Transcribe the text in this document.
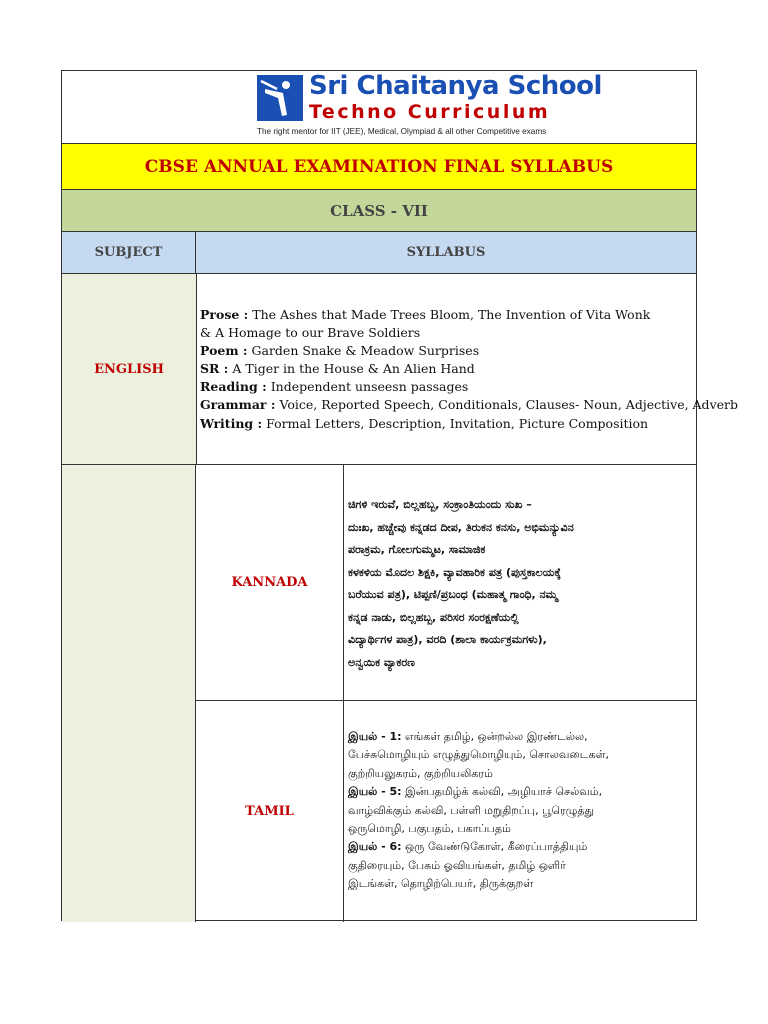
Sri Chaitanya School
Techno Curriculum
The right mentor for IIT (JEE), Medical, Olympiad & all other Competitive exams
CBSE ANNUAL EXAMINATION FINAL SYLLABUS
CLASS - VII
SUBJECT	SYLLABUS
ENGLISH
Prose : The Ashes that Made Trees Bloom, The Invention of Vita Wonk
& A Homage to our Brave Soldiers
Poem : Garden Snake & Meadow Surprises
SR : A Tiger in the House & An Alien Hand
Reading : Independent unseesn passages
Grammar : Voice, Reported Speech, Conditionals, Clauses- Noun, Adjective, Adverb
Writing : Formal Letters, Description, Invitation, Picture Composition
KANNADA
ಚಿಗಳಿ ಇರುವೆ, ಬಿಲ್ಲ‌ಹಬ್ಬ, ಸಂಕ್ರಾಂತಿಯಂದು ಸುಖ –
ದುಃಖ, ಹಚ್ಚೇವು ಕನ್ನಡದ ದೀಪ, ತಿರುಕನ ಕನಸು, ಅಭಿಮನ್ಯುವಿನ
ಪರಾಕ್ರಮ, ಗೋಲಗುಮ್ಮಟ, ಸಾಮಾಜಿಕ
ಕಳಕಳಿಯ ಮೊದಲ ಶಿಕ್ಷಕಿ, ವ್ಯಾವಹಾರಿಕ ಪತ್ರ (ಪುಸ್ತಕಾಲಯಕ್ಕೆ
ಬರೆಯುವ ಪತ್ರ), ಟಿಪ್ಪಣಿ/ಪ್ರಬಂಧ (ಮಹಾತ್ಮ ಗಾಂಧಿ, ನಮ್ಮ
ಕನ್ನಡ ನಾಡು, ಬಿಲ್ಲ‌ಹಬ್ಬ, ಪರಿಸರ ಸಂರಕ್ಷಣೆಯಲ್ಲಿ
ವಿದ್ಯಾರ್ಥಿಗಳ ಪಾತ್ರ), ವರದಿ (ಶಾಲಾ ಕಾರ್ಯಕ್ರಮಗಳು),
ಅನ್ವಯಿಕ ವ್ಯಾಕರಣ
TAMIL
இயல் - 1: எங்கள் தமிழ், ஒன்றல்ல இரண்டல்ல,
பேச்சுமொழியும் எழுத்துமொழியும், சொலவடைகள்,
குற்றியலுகரம், குற்றியலிகரம்
இயல் - 5: இன்பதமிழ்க் கல்வி, அழியாச் செல்வம்,
வாழ்விக்கும் கல்வி, பள்ளி மறுதிறப்பு, பூரெழுத்து
ஒருமொழி, பகுபதம், பகாப்பதம்
இயல் - 6: ஒரு வேண்டுகோள், கீரைப்பாத்தியும்
குதிரையும், பேசும் ஓவியங்கள், தமிழ் ஒளிர்
இடங்கள், தொழிற்பெயர், திருக்குறள்
